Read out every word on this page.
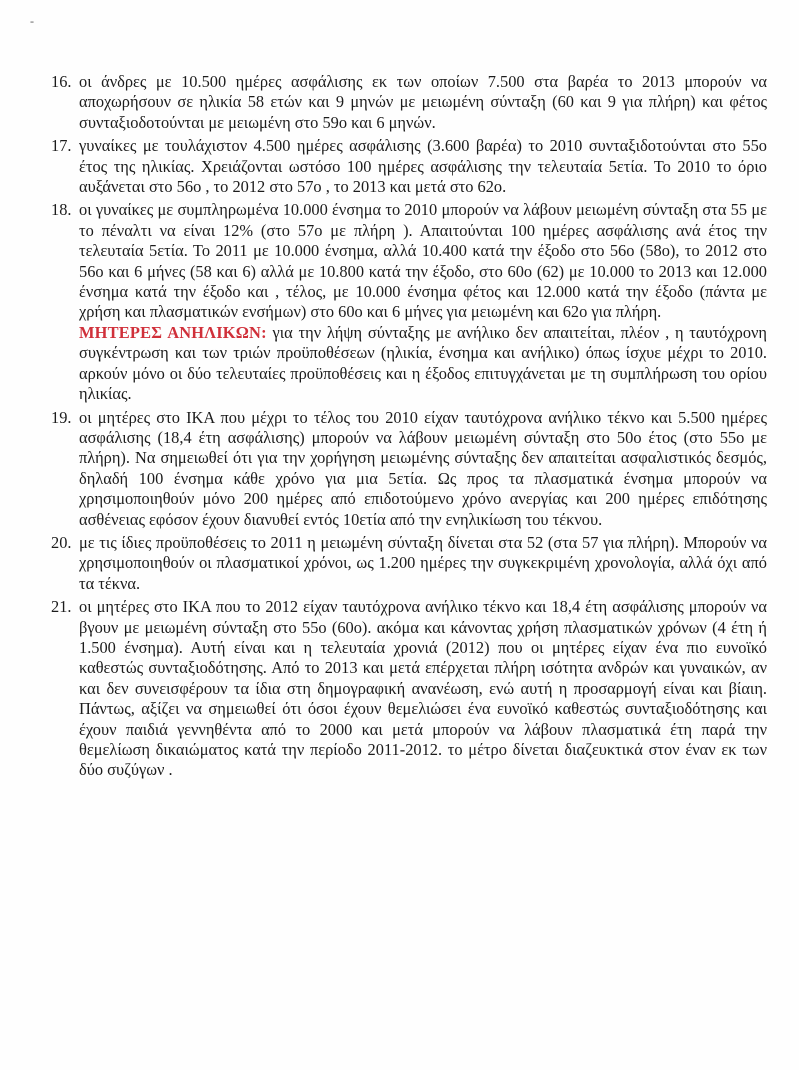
-
16. οι άνδρες με 10.500 ημέρες ασφάλισης εκ των οποίων 7.500 στα βαρέα το 2013 μπορούν να αποχωρήσουν σε ηλικία 58 ετών και 9 μηνών με μειωμένη σύνταξη (60 και 9 για πλήρη) και φέτος συνταξιοδοτούνται με μειωμένη στο 59ο και 6 μηνών.

17. γυναίκες με τουλάχιστον 4.500 ημέρες ασφάλισης (3.600 βαρέα) το 2010 συνταξιδοτούνται στο 55ο έτος της ηλικίας. Χρειάζονται ωστόσο 100 ημέρες ασφάλισης την τελευταία 5ετία. Το 2010 το όριο αυξάνεται στο 56ο , το 2012 στο 57ο , το 2013 και μετά στο 62ο.

18. οι γυναίκες με συμπληρωμένα 10.000 ένσημα το 2010 μπορούν να λάβουν μειωμένη σύνταξη στα 55 με το πέναλτι να είναι 12% (στο 57ο με πλήρη ). Απαιτούνται 100 ημέρες ασφάλισης ανά έτος την τελευταία 5ετία. Το 2011 με 10.000 ένσημα, αλλά 10.400 κατά την έξοδο στο 56ο (58ο), το 2012 στο 56ο και 6 μήνες (58 και 6) αλλά με 10.800 κατά την έξοδο, στο 60ο (62) με 10.000 το 2013 και 12.000 ένσημα κατά την έξοδο και , τέλος, με 10.000 ένσημα φέτος και 12.000 κατά την έξοδο (πάντα με χρήση και πλασματικών ενσήμων) στο 60ο και 6 μήνες για μειωμένη και 62ο για πλήρη.

ΜΗΤΕΡΕΣ ΑΝΗΛΙΚΩΝ: για την λήψη σύνταξης με ανήλικο δεν απαιτείται, πλέον , η ταυτόχρονη συγκέντρωση και των τριών προϋποθέσεων (ηλικία, ένσημα και ανήλικο) όπως ίσχυε μέχρι το 2010. αρκούν μόνο οι δύο τελευταίες προϋποθέσεις και η έξοδος επιτυγχάνεται με τη συμπλήρωση του ορίου ηλικίας.

19. οι μητέρες στο ΙΚΑ που μέχρι το τέλος του 2010 είχαν ταυτόχρονα ανήλικο τέκνο και 5.500 ημέρες ασφάλισης (18,4 έτη ασφάλισης) μπορούν να λάβουν μειωμένη σύνταξη στο 50ο έτος (στο 55ο με πλήρη). Να σημειωθεί ότι για την χορήγηση μειωμένης σύνταξης δεν απαιτείται ασφαλιστικός δεσμός, δηλαδή 100 ένσημα κάθε χρόνο για μια 5ετία. Ως προς τα πλασματικά ένσημα μπορούν να χρησιμοποιηθούν μόνο 200 ημέρες από επιδοτούμενο χρόνο ανεργίας και 200 ημέρες επιδότησης ασθένειας εφόσον έχουν διανυθεί εντός 10ετία από την ενηλικίωση του τέκνου.

20. με τις ίδιες προϋποθέσεις το 2011 η μειωμένη σύνταξη δίνεται στα 52 (στα 57 για πλήρη). Μπορούν να χρησιμοποιηθούν οι πλασματικοί χρόνοι, ως 1.200 ημέρες την συγκεκριμένη χρονολογία, αλλά όχι από τα τέκνα.

21. οι μητέρες στο ΙΚΑ που το 2012 είχαν ταυτόχρονα ανήλικο τέκνο και 18,4 έτη ασφάλισης μπορούν να βγουν με μειωμένη σύνταξη στο 55ο (60ο). ακόμα και κάνοντας χρήση πλασματικών χρόνων (4 έτη ή 1.500 ένσημα). Αυτή είναι και η τελευταία χρονιά (2012) που οι μητέρες είχαν ένα πιο ευνοϊκό καθεστώς συνταξιοδότησης. Από το 2013 και μετά επέρχεται πλήρη ισότητα ανδρών και γυναικών, αν και δεν συνεισφέρουν τα ίδια στη δημογραφική ανανέωση, ενώ αυτή η προσαρμογή είναι και βίαιη. Πάντως, αξίζει να σημειωθεί ότι όσοι έχουν θεμελιώσει ένα ευνοϊκό καθεστώς συνταξιοδότησης και έχουν παιδιά γεννηθέντα από το 2000 και μετά μπορούν να λάβουν πλασματικά έτη παρά την θεμελίωση δικαιώματος κατά την περίοδο 2011-2012. το μέτρο δίνεται διαζευκτικά στον έναν εκ των δύο συζύγων .
